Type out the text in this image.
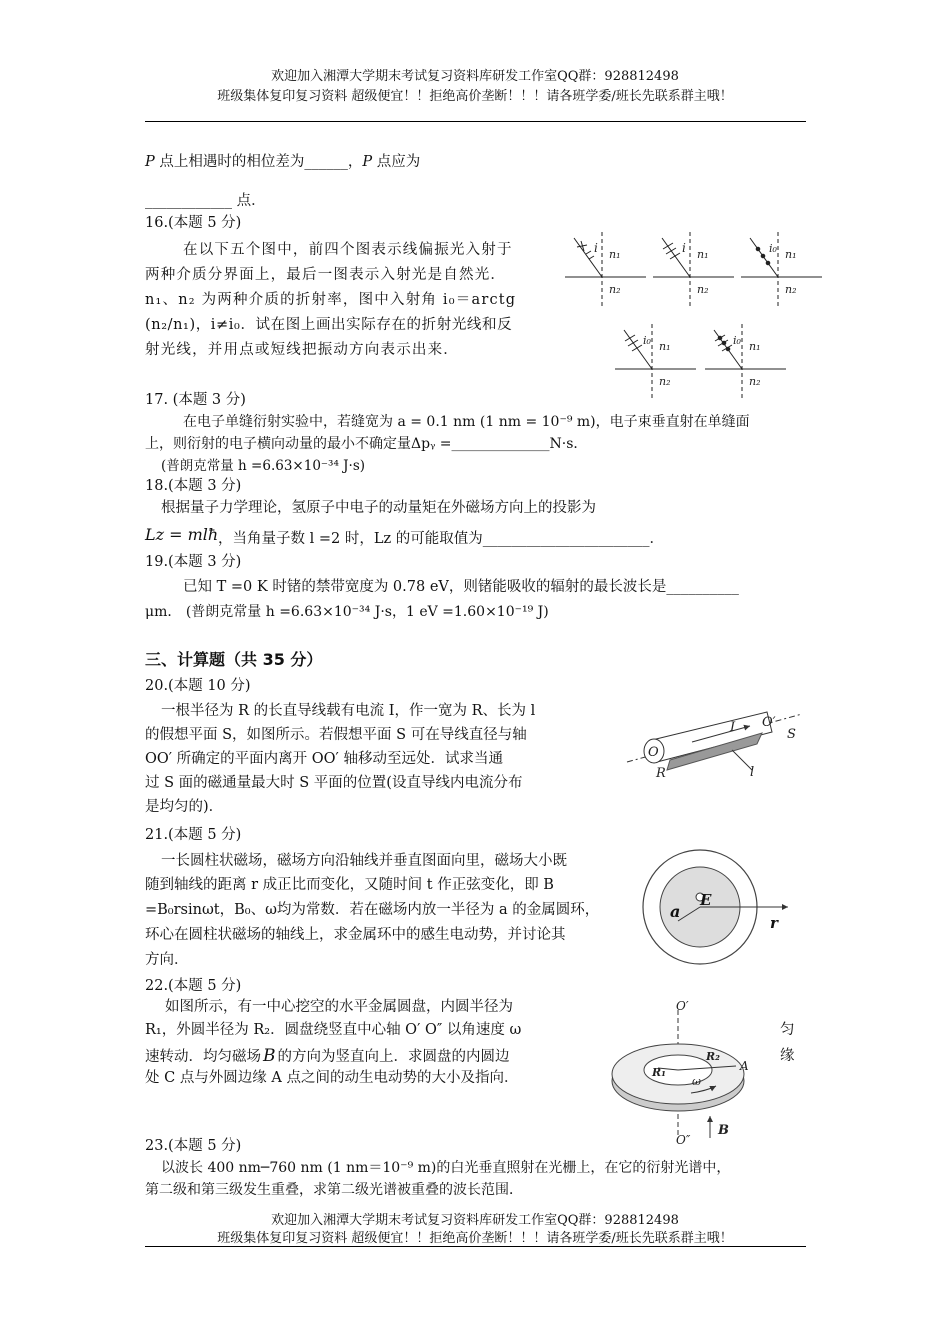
欢迎加入湘潭大学期末考试复习资料库研发工作室QQ群：928812498
班级集体复印复习资料 超级便宜！！拒绝高价垄断！！！请各班学委/班长先联系群主哦！
P 点上相遇时的相位差为______，P 点应为
____________ 点．
16.(本题 5 分)
在以下五个图中，前四个图表示线偏振光入射于
两种介质分界面上，最后一图表示入射光是自然光．
n₁、n₂ 为两种介质的折射率，图中入射角 i₀＝arctg
(n₂/n₁)，i≠i₀．试在图上画出实际存在的折射光线和反
射光线，并用点或短线把振动方向表示出来．
i n₁
n₂
i n₁
n₂
i₀ n₁
n₂
i₀ n₁
n₂
i₀ n₁
n₂
17. (本题 3 分)
在电子单缝衍射实验中，若缝宽为 a = 0.1 nm (1 nm = 10⁻⁹ m)，电子束垂直射在单缝面
上，则衍射的电子横向动量的最小不确定量Δpᵧ =______________N·s．
(普朗克常量 h =6.63×10⁻³⁴ J·s)
18.(本题 3 分)
根据量子力学理论，氢原子中电子的动量矩在外磁场方向上的投影为
Lz = mlħ ，当角量子数 l =2 时，Lz 的可能取值为_______________________．
19.(本题 3 分)
已知 T =0 K 时锗的禁带宽度为 0.78 eV，则锗能吸收的辐射的最长波长是__________
μm． (普朗克常量 h =6.63×10⁻³⁴ J·s，1 eV =1.60×10⁻¹⁹ J)
三、计算题（共 35 分）
20.(本题 10 分)
一根半径为 R 的长直导线载有电流 I，作一宽为 R、长为 l
的假想平面 S，如图所示。若假想平面 S 可在导线直径与轴
OO′ 所确定的平面内离开 OO′ 轴移动至远处．试求当通
过 S 面的磁通量最大时 S 平面的位置(设直导线内电流分布
是均匀的)．
O
O′
I	S
R	l
21.(本题 5 分)
一长圆柱状磁场，磁场方向沿轴线并垂直图面向里，磁场大小既
随到轴线的距离 r 成正比而变化，又随时间 t 作正弦变化，即 B
=B₀rsinωt，B₀、ω均为常数．若在磁场内放一半径为 a 的金属圆环，
环心在圆柱状磁场的轴线上，求金属环中的感生电动势，并讨论其
方向．
a
E
r
22.(本题 5 分)
如图所示，有一中心挖空的水平金属圆盘，内圆半径为
R₁，外圆半径为 R₂．圆盘绕竖直中心轴 O′ O″ 以角速度 ω	匀
速转动．均匀磁场 B 的方向为竖直向上．求圆盘的内圆边	缘
处 C 点与外圆边缘 A 点之间的动生电动势的大小及指向．
O′
O″
R₁
R₂
A
ω
B
23.(本题 5 分)
以波长 400 nm─760 nm (1 nm＝10⁻⁹ m)的白光垂直照射在光栅上，在它的衍射光谱中，
第二级和第三级发生重叠，求第二级光谱被重叠的波长范围．
欢迎加入湘潭大学期末考试复习资料库研发工作室QQ群：928812498
班级集体复印复习资料 超级便宜！！拒绝高价垄断！！！请各班学委/班长先联系群主哦！
